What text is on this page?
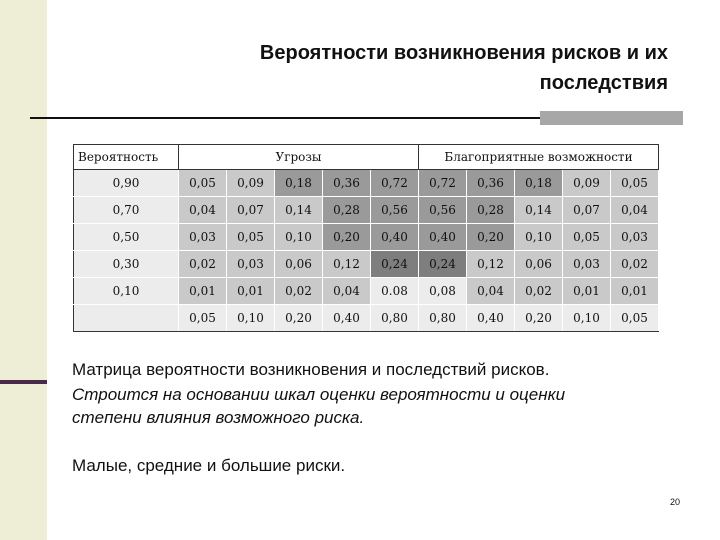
Вероятности возникновения рисков и их
последствия
Вероятность	Угрозы					Благоприятные возможности				
0,90	0,05	0,09	0,18	0,36	0,72	0,72	0,36	0,18	0,09	0,05
0,70	0,04	0,07	0,14	0,28	0,56	0,56	0,28	0,14	0,07	0,04
0,50	0,03	0,05	0,10	0,20	0,40	0,40	0,20	0,10	0,05	0,03
0,30	0,02	0,03	0,06	0,12	0,24	0,24	0,12	0,06	0,03	0,02
0,10	0,01	0,01	0,02	0,04	0.08	0,08	0,04	0,02	0,01	0,01
	0,05	0,10	0,20	0,40	0,80	0,80	0,40	0,20	0,10	0,05
Матрица вероятности возникновения и последствий рисков.
Строится на основании шкал оценки вероятности и оценки степени влияния возможного риска.
Малые, средние и большие риски.
20
